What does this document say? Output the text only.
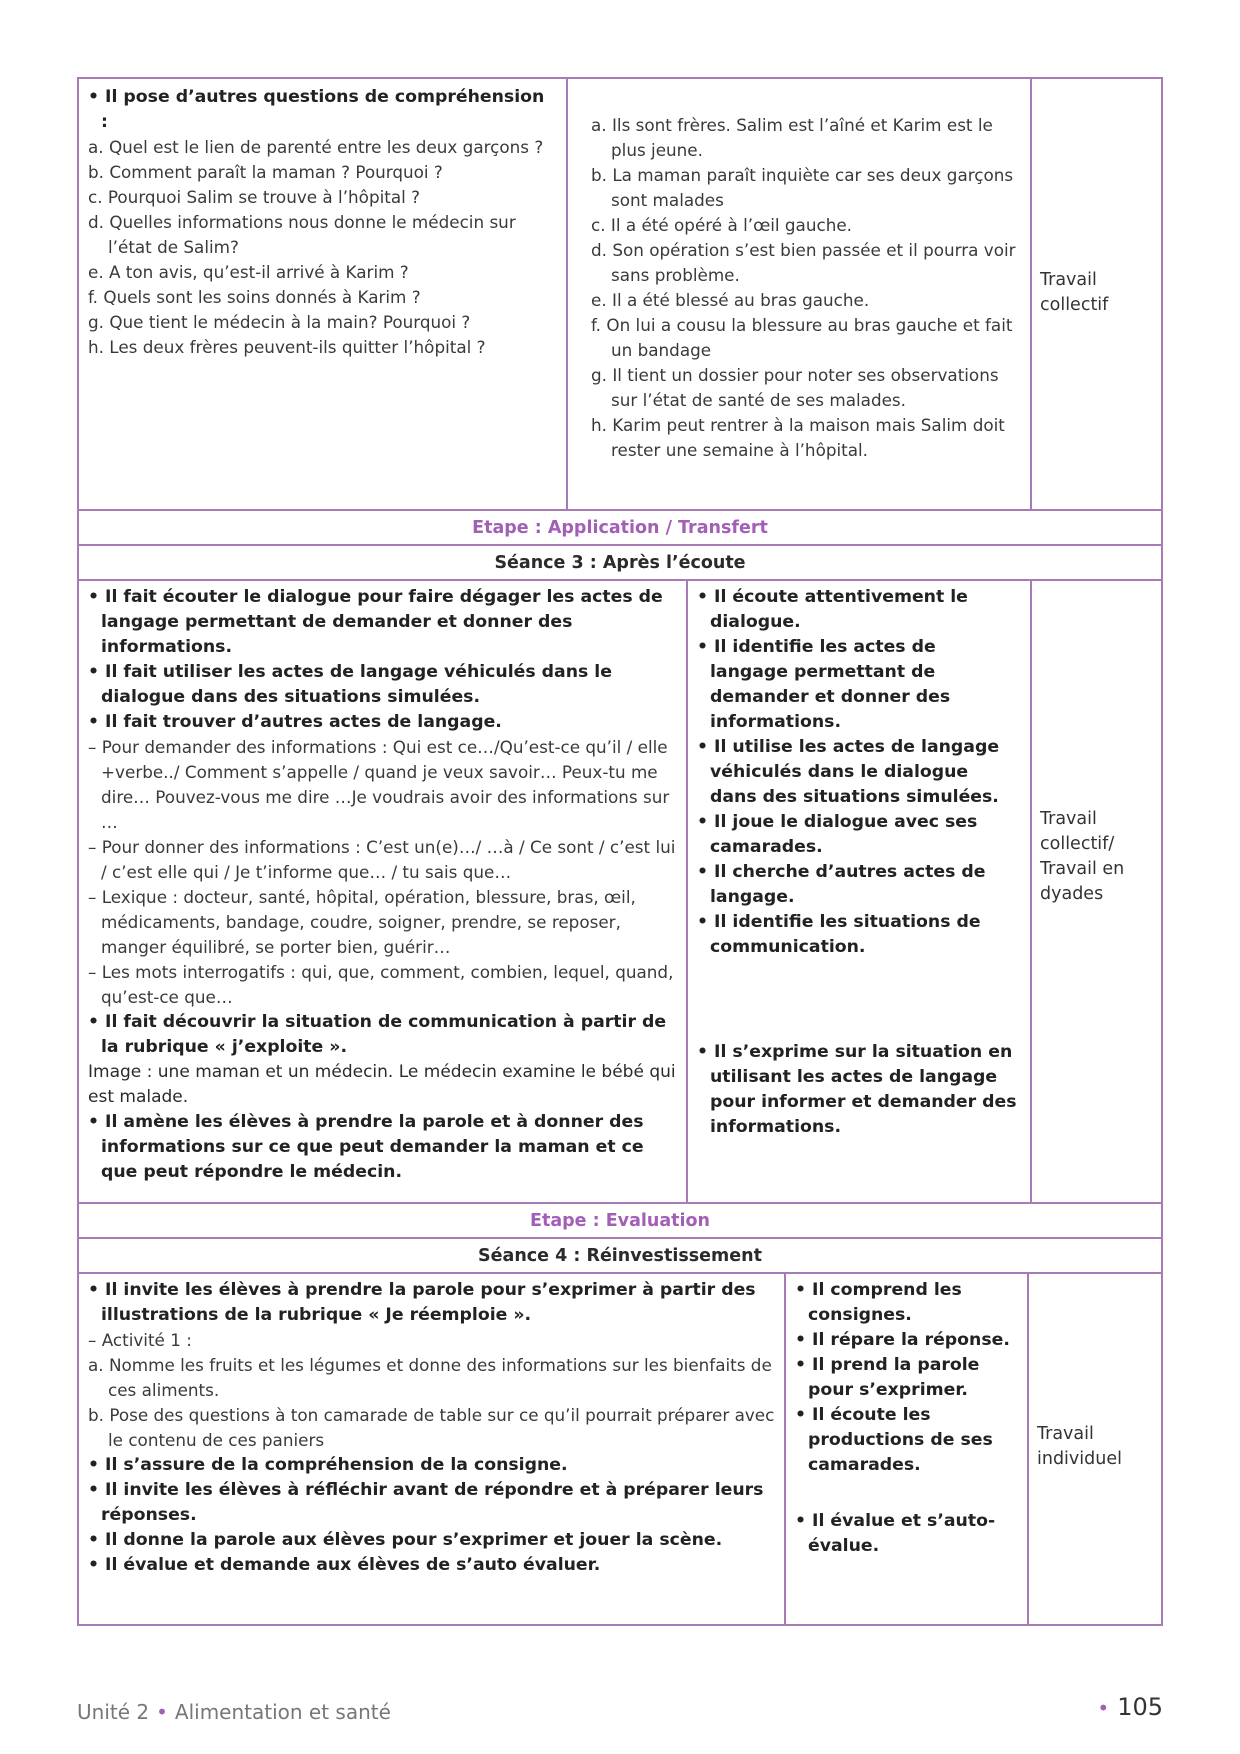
• Il pose d’autres questions de compréhension :

a. Quel est le lien de parenté entre les deux garçons ?

b. Comment paraît la maman ? Pourquoi ?

c. Pourquoi Salim se trouve à l’hôpital ?

d. Quelles informations nous donne le médecin sur l’état de Salim?

e. A ton avis, qu’est-il arrivé à Karim ?

f. Quels sont les soins donnés à Karim ?

g. Que tient le médecin à la main? Pourquoi ?

h. Les deux frères peuvent-ils quitter l’hôpital ?

a. Ils sont frères. Salim est l’aîné et Karim est le plus jeune.

b. La maman paraît inquiète car ses deux garçons sont malades

c. Il a été opéré à l’œil gauche.

d. Son opération s’est bien passée et il pourra voir sans problème.

e. Il a été blessé au bras gauche.

f. On lui a cousu la blessure au bras gauche et fait un bandage

g. Il tient un dossier pour noter ses observations sur l’état de santé de ses malades.

h. Karim peut rentrer à la maison mais Salim doit rester une semaine à l’hôpital.

Travail
collectif
Etape : Application / Transfert
Séance 3 : Après l’écoute

• Il fait écouter le dialogue pour faire dégager les actes de langage permettant de demander et donner des informations.

• Il fait utiliser les actes de langage véhiculés dans le dialogue dans des situations simulées.

• Il fait trouver d’autres actes de langage.

– Pour demander des informations : Qui est ce…/Qu’est-ce qu’il / elle +verbe../ Comment s’appelle / quand je veux savoir… Peux-tu me dire… Pouvez-vous me dire …Je voudrais avoir des informations sur …

– Pour donner des informations : C’est un(e)…/ …à / Ce sont / c’est lui / c’est elle qui / Je t’informe que… / tu sais que…

– Lexique : docteur, santé, hôpital, opération, blessure, bras, œil, médicaments, bandage, coudre, soigner, prendre, se reposer, manger équilibré, se porter bien, guérir…

– Les mots interrogatifs : qui, que, comment, combien, lequel, quand, qu’est-ce que…

• Il fait découvrir la situation de communication à partir de la rubrique « j’exploite ».

Image : une maman et un médecin. Le médecin examine le bébé qui est malade.

• Il amène les élèves à prendre la parole et à donner des informations sur ce que peut demander la maman et ce que peut répondre le médecin.

• Il écoute attentivement le dialogue.

• Il identifie les actes de langage permettant de demander et donner des informations.

• Il utilise les actes de langage véhiculés dans le dialogue dans des situations simulées.

• Il joue le dialogue avec ses camarades.

• Il cherche d’autres actes de langage.

• Il identifie les situations de communication.

• Il s’exprime sur la situation en utilisant les actes de langage pour informer et demander des informations.

Travail
collectif/
Travail en
dyades
Etape : Evaluation
Séance 4 : Réinvestissement

• Il invite les élèves à prendre la parole pour s’exprimer à partir des illustrations de la rubrique « Je réemploie ».

– Activité 1 :

a. Nomme les fruits et les légumes et donne des informations sur les bienfaits de ces aliments.

b. Pose des questions à ton camarade de table sur ce qu’il pourrait préparer avec le contenu de ces paniers

• Il s’assure de la compréhension de la consigne.

• Il invite les élèves à réfléchir avant de répondre et à préparer leurs réponses.

• Il donne la parole aux élèves pour s’exprimer et jouer la scène.

• Il évalue et demande aux élèves de s’auto évaluer.

• Il comprend les consignes.

• Il répare la réponse.

• Il prend la parole pour s’exprimer.

• Il écoute les productions de ses camarades.

• Il évalue et s’auto-évalue.

Travail
individuel
Unité 2 • Alimentation et santé	• 105
